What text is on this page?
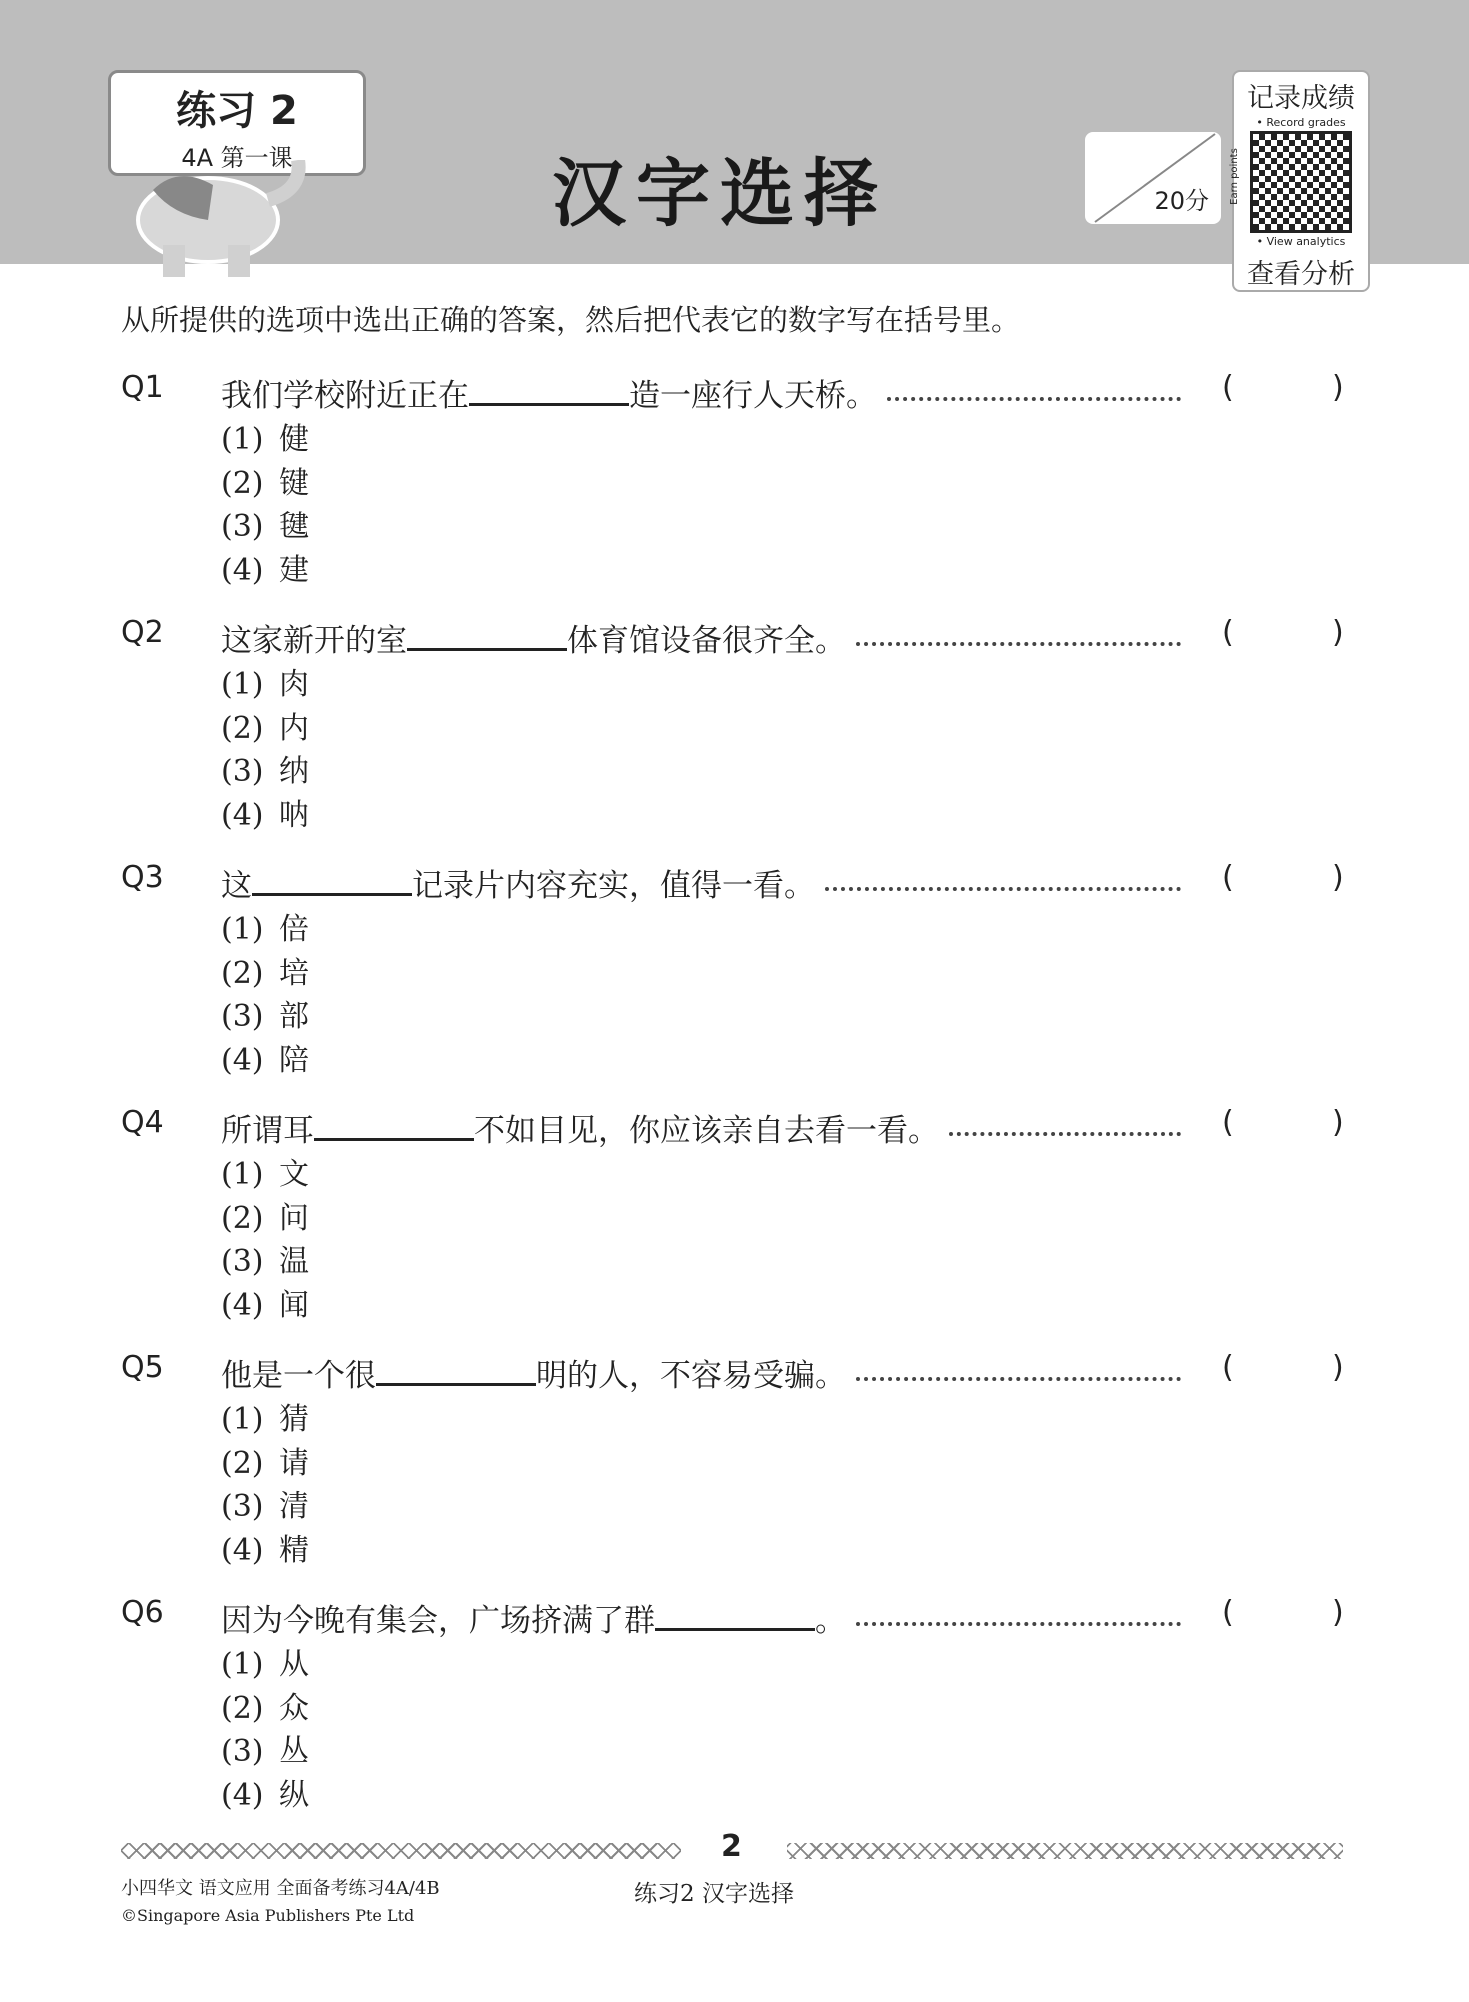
练习 2
4A 第一课	汉字选择	20分
记录成绩
• Record grades
Earn points
• View analytics
查看分析
从所提供的选项中选出正确的答案，然后把代表它的数字写在括号里。
Q1 我们学校附近正在	造一座行人天桥。	(	)
(1) 健
(2) 键
(3) 毽
(4) 建
Q2 这家新开的室	体育馆设备很齐全。	(	)
(1) 肉
(2) 内
(3) 纳
(4) 呐
Q3 这	记录片内容充实，值得一看。	(	)
(1) 倍
(2) 培
(3) 部
(4) 陪
Q4 所谓耳	不如目见，你应该亲自去看一看。	(	)
(1) 文
(2) 问
(3) 温
(4) 闻
Q5 他是一个很	明的人，不容易受骗。	(	)
(1) 猜
(2) 请
(3) 清
(4) 精
Q6 因为今晚有集会，广场挤满了群	。	(	)
(1) 从
(2) 众
(3) 丛
(4) 纵
2
小四华文 语文应用 全面备考练习4A/4B
©Singapore Asia Publishers Pte Ltd
练习2 汉字选择
